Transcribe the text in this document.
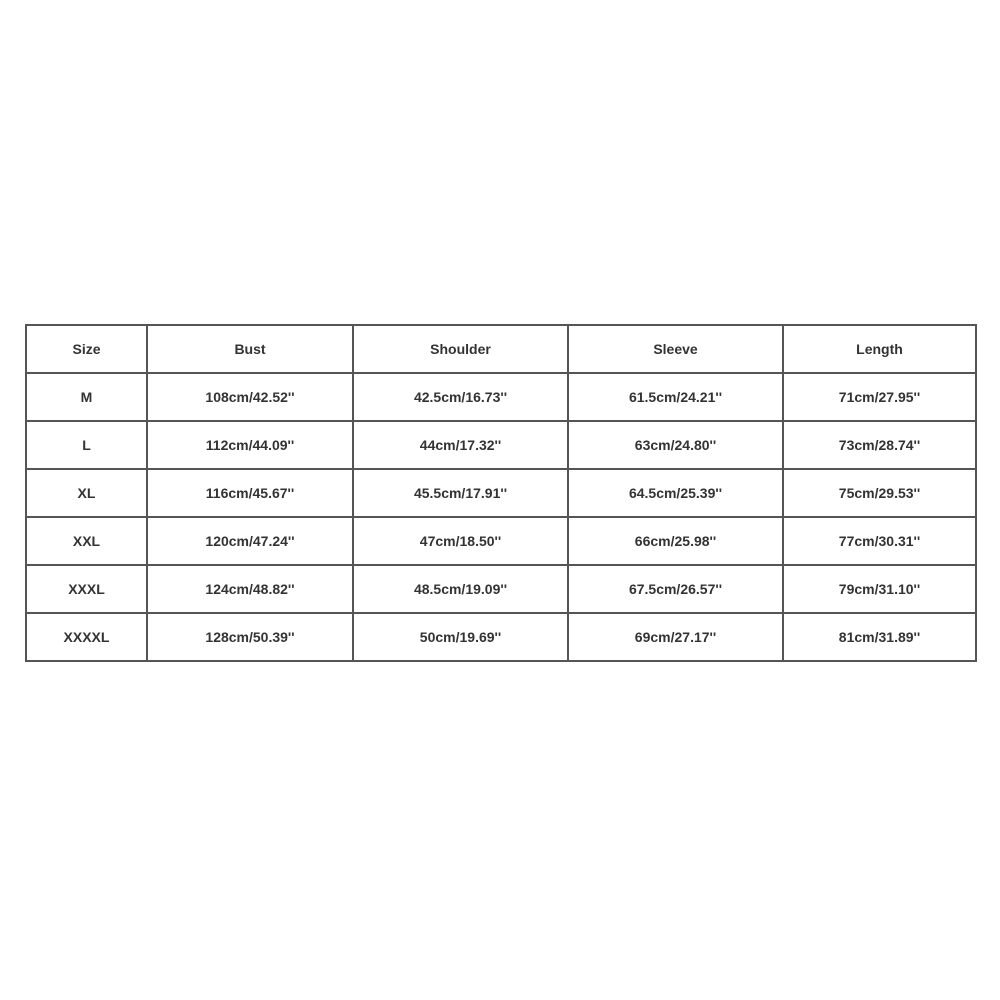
Size	Bust	Shoulder	Sleeve	Length
M	108cm/42.52''	42.5cm/16.73''	61.5cm/24.21''	71cm/27.95''
L	112cm/44.09''	44cm/17.32''	63cm/24.80''	73cm/28.74''
XL	116cm/45.67''	45.5cm/17.91''	64.5cm/25.39''	75cm/29.53''
XXL	120cm/47.24''	47cm/18.50''	66cm/25.98''	77cm/30.31''
XXXL	124cm/48.82''	48.5cm/19.09''	67.5cm/26.57''	79cm/31.10''
XXXXL	128cm/50.39''	50cm/19.69''	69cm/27.17''	81cm/31.89''
